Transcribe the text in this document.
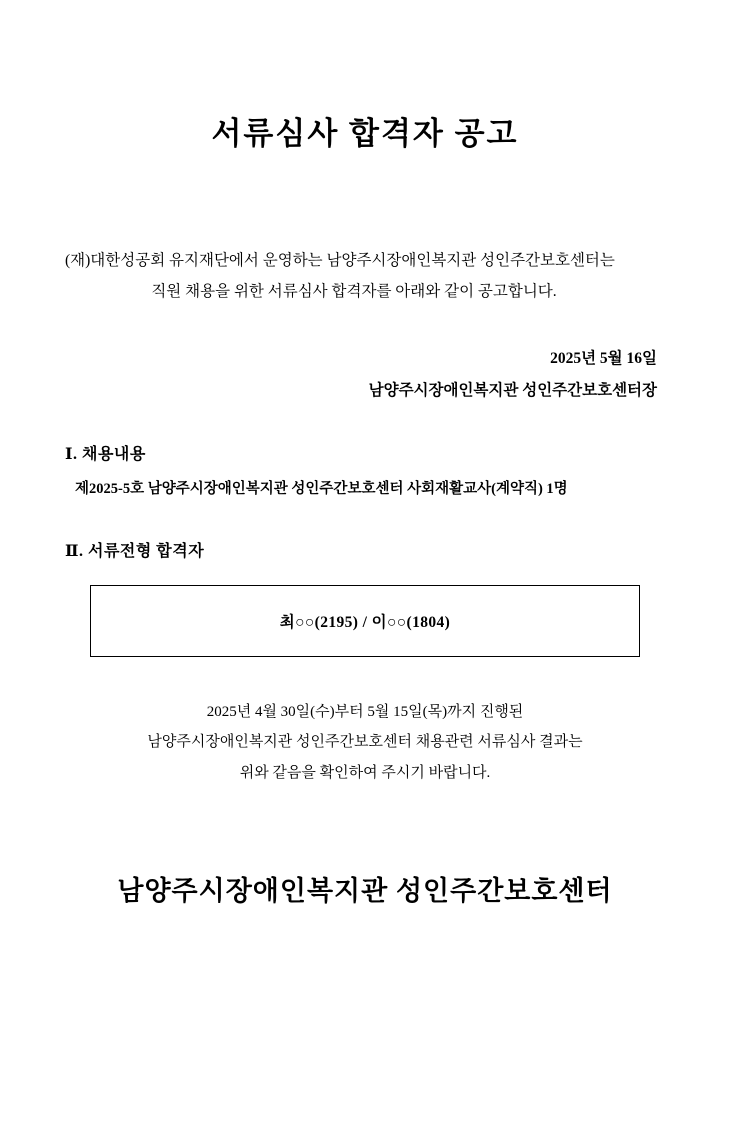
서류심사 합격자 공고
(재)대한성공회 유지재단에서 운영하는 남양주시장애인복지관 성인주간보호센터는
직원 채용을 위한 서류심사 합격자를 아래와 같이 공고합니다.
2025년 5월 16일
남양주시장애인복지관 성인주간보호센터장
Ⅰ. 채용내용
제2025-5호 남양주시장애인복지관 성인주간보호센터 사회재활교사(계약직) 1명
Ⅱ. 서류전형 합격자
최○○(2195) / 이○○(1804)
2025년 4월 30일(수)부터 5월 15일(목)까지 진행된
남양주시장애인복지관 성인주간보호센터 채용관련 서류심사 결과는
위와 같음을 확인하여 주시기 바랍니다.
남양주시장애인복지관 성인주간보호센터
